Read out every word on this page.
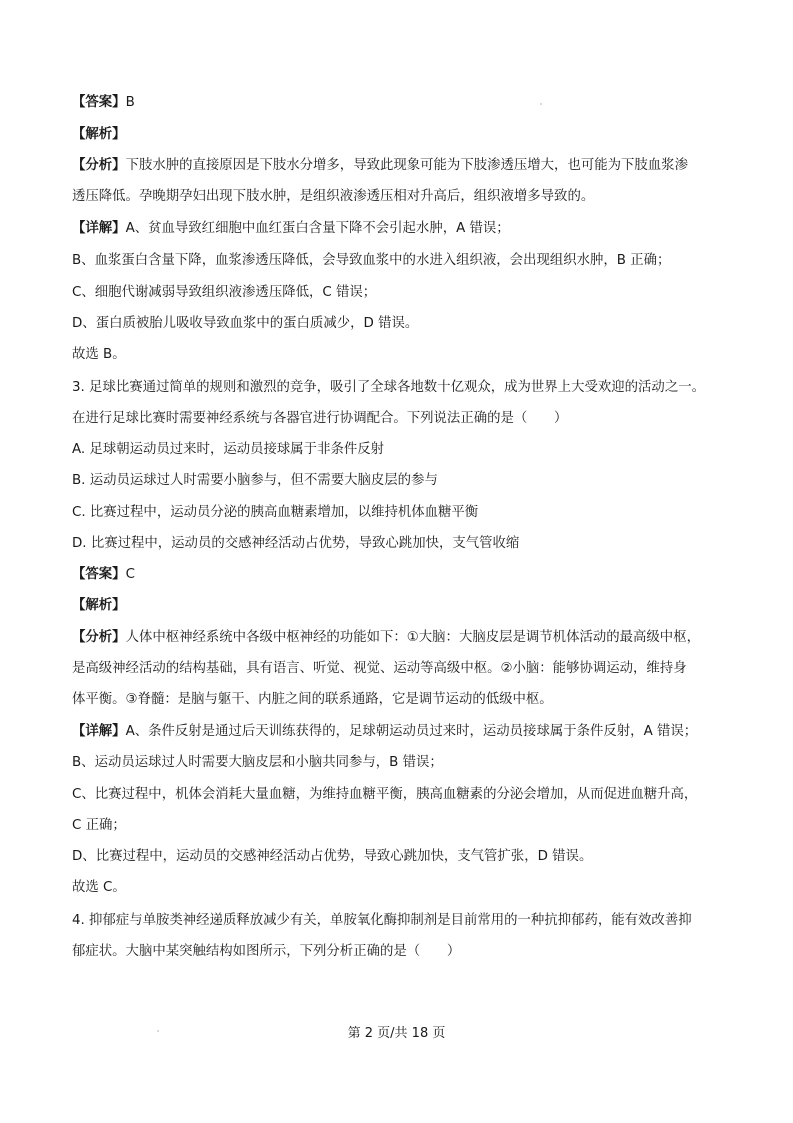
【答案】B
【解析】
【分析】下肢水肿的直接原因是下肢水分增多，导致此现象可能为下肢渗透压增大，也可能为下肢血浆渗
透压降低。孕晚期孕妇出现下肢水肿，是组织液渗透压相对升高后，组织液增多导致的。
【详解】A、贫血导致红细胞中血红蛋白含量下降不会引起水肿，A 错误；
B、血浆蛋白含量下降，血浆渗透压降低，会导致血浆中的水进入组织液，会出现组织水肿，B 正确；
C、细胞代谢减弱导致组织液渗透压降低，C 错误；
D、蛋白质被胎儿吸收导致血浆中的蛋白质减少，D 错误。
故选 B。
3. 足球比赛通过简单的规则和激烈的竞争，吸引了全球各地数十亿观众，成为世界上大受欢迎的活动之一。
在进行足球比赛时需要神经系统与各器官进行协调配合。下列说法正确的是（　　）
A. 足球朝运动员过来时，运动员接球属于非条件反射
B. 运动员运球过人时需要小脑参与，但不需要大脑皮层的参与
C. 比赛过程中，运动员分泌的胰高血糖素增加，以维持机体血糖平衡
D. 比赛过程中，运动员的交感神经活动占优势，导致心跳加快，支气管收缩
【答案】C
【解析】
【分析】人体中枢神经系统中各级中枢神经的功能如下：①大脑：大脑皮层是调节机体活动的最高级中枢，
是高级神经活动的结构基础，具有语言、听觉、视觉、运动等高级中枢。②小脑：能够协调运动，维持身
体平衡。③脊髓：是脑与躯干、内脏之间的联系通路，它是调节运动的低级中枢。
【详解】A、条件反射是通过后天训练获得的，足球朝运动员过来时，运动员接球属于条件反射，A 错误；
B、运动员运球过人时需要大脑皮层和小脑共同参与，B 错误；
C、比赛过程中，机体会消耗大量血糖，为维持血糖平衡，胰高血糖素的分泌会增加，从而促进血糖升高，
C 正确；
D、比赛过程中，运动员的交感神经活动占优势，导致心跳加快，支气管扩张，D 错误。
故选 C。
4. 抑郁症与单胺类神经递质释放减少有关，单胺氧化酶抑制剂是目前常用的一种抗抑郁药，能有效改善抑
郁症状。大脑中某突触结构如图所示，下列分析正确的是（　　）
第 2 页/共 18 页
